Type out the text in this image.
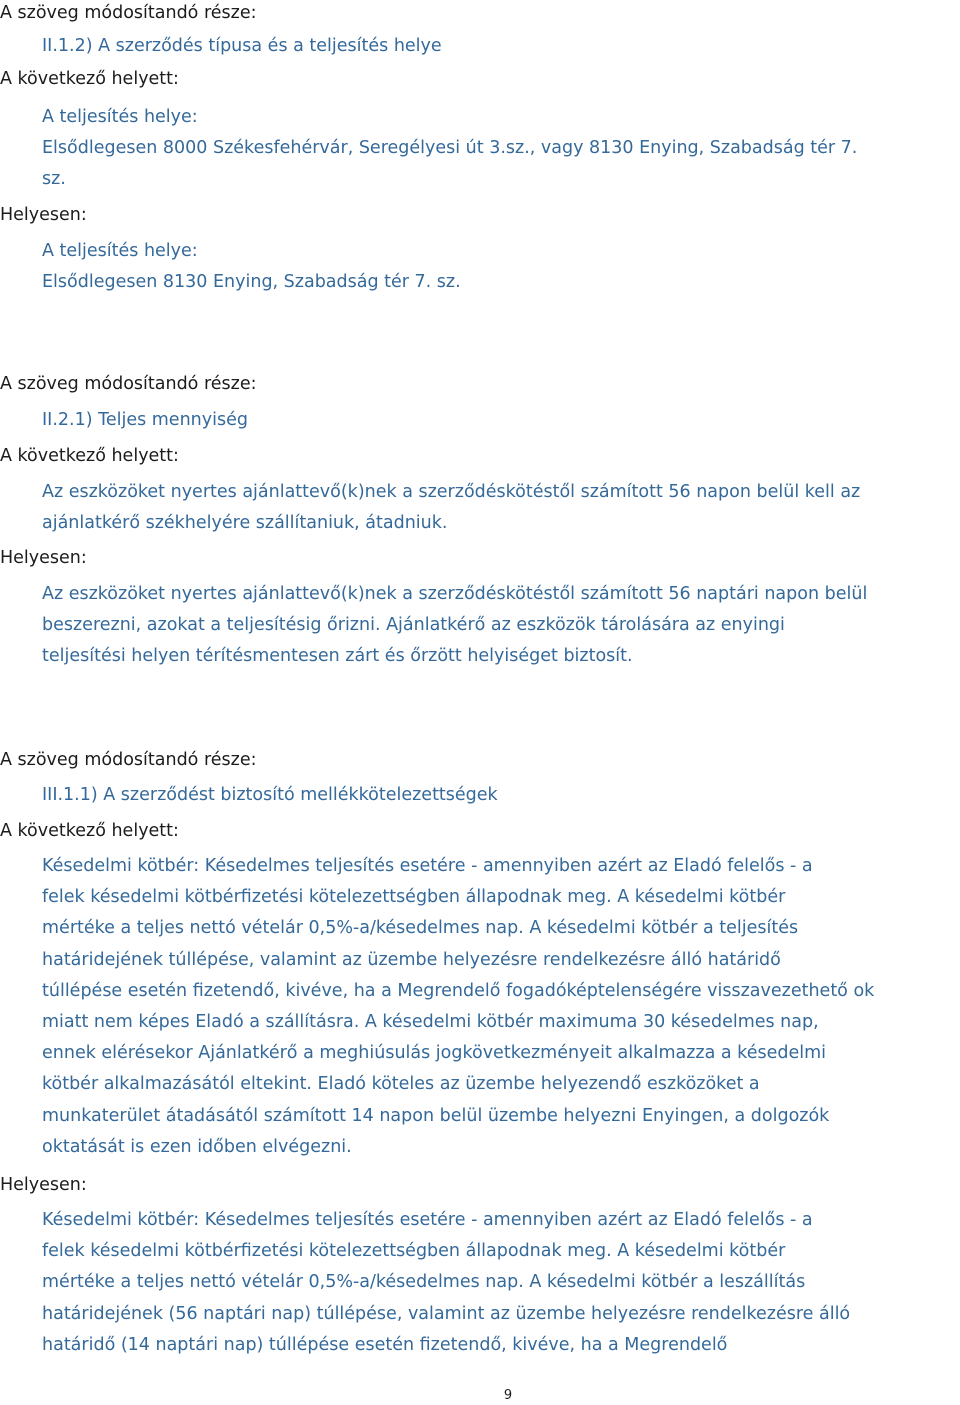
A szöveg módosítandó része:
II.1.2) A szerződés típusa és a teljesítés helye
A következő helyett:
A teljesítés helye:
Elsődlegesen 8000 Székesfehérvár, Seregélyesi út 3.sz., vagy 8130 Enying, Szabadság tér 7.
sz.
Helyesen:
A teljesítés helye:
Elsődlegesen 8130 Enying, Szabadság tér 7. sz.
A szöveg módosítandó része:
II.2.1) Teljes mennyiség
A következő helyett:
Az eszközöket nyertes ajánlattevő(k)nek a szerződéskötéstől számított 56 napon belül kell az
ajánlatkérő székhelyére szállítaniuk, átadniuk.
Helyesen:
Az eszközöket nyertes ajánlattevő(k)nek a szerződéskötéstől számított 56 naptári napon belül
beszerezni, azokat a teljesítésig őrizni. Ajánlatkérő az eszközök tárolására az enyingi
teljesítési helyen térítésmentesen zárt és őrzött helyiséget biztosít.
A szöveg módosítandó része:
III.1.1) A szerződést biztosító mellékkötelezettségek
A következő helyett:
Késedelmi kötbér: Késedelmes teljesítés esetére - amennyiben azért az Eladó felelős - a
felek késedelmi kötbérfizetési kötelezettségben állapodnak meg. A késedelmi kötbér
mértéke a teljes nettó vételár 0,5%-a/késedelmes nap. A késedelmi kötbér a teljesítés
határidejének túllépése, valamint az üzembe helyezésre rendelkezésre álló határidő
túllépése esetén fizetendő, kivéve, ha a Megrendelő fogadóképtelenségére visszavezethető ok
miatt nem képes Eladó a szállításra. A késedelmi kötbér maximuma 30 késedelmes nap,
ennek elérésekor Ajánlatkérő a meghiúsulás jogkövetkezményeit alkalmazza a késedelmi
kötbér alkalmazásától eltekint. Eladó köteles az üzembe helyezendő eszközöket a
munkaterület átadásától számított 14 napon belül üzembe helyezni Enyingen, a dolgozók
oktatását is ezen időben elvégezni.
Helyesen:
Késedelmi kötbér: Késedelmes teljesítés esetére - amennyiben azért az Eladó felelős - a
felek késedelmi kötbérfizetési kötelezettségben állapodnak meg. A késedelmi kötbér
mértéke a teljes nettó vételár 0,5%-a/késedelmes nap. A késedelmi kötbér a leszállítás
határidejének (56 naptári nap) túllépése, valamint az üzembe helyezésre rendelkezésre álló
határidő (14 naptári nap) túllépése esetén fizetendő, kivéve, ha a Megrendelő
9
